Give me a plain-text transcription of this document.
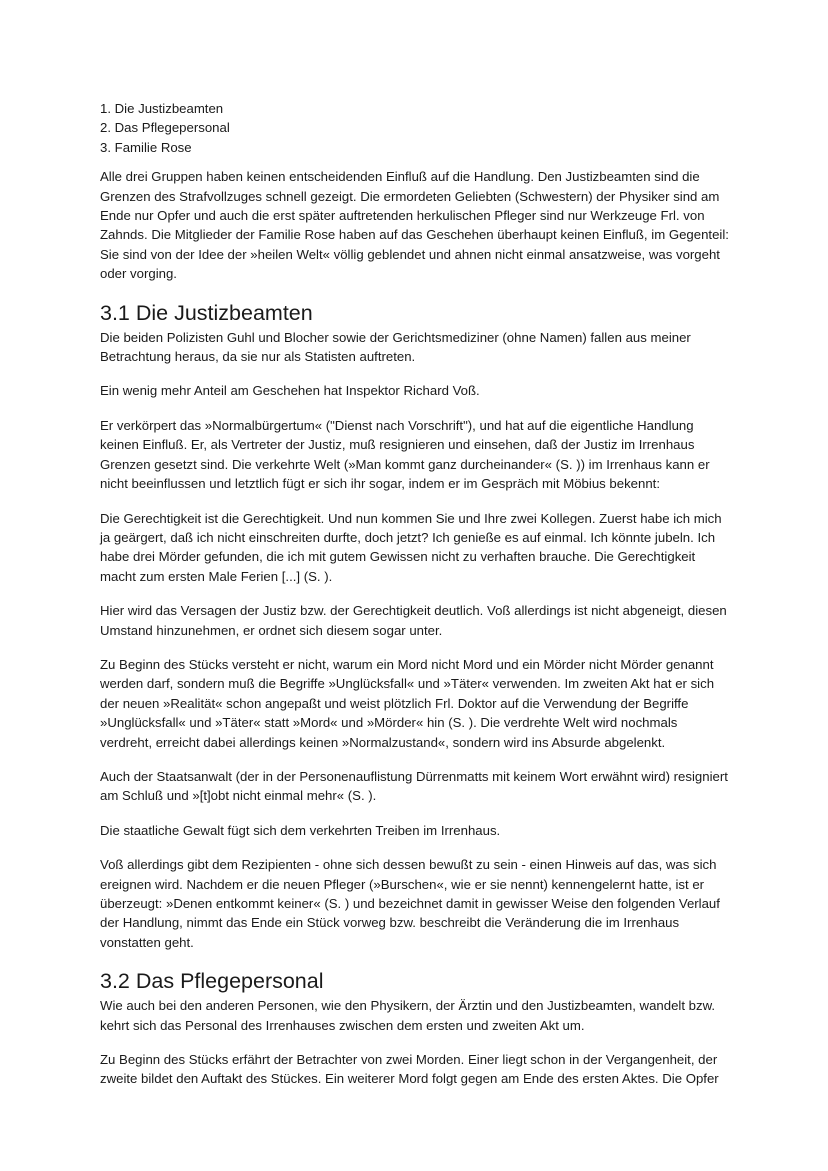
1. Die Justizbeamten
2. Das Pflegepersonal
3. Familie Rose

Alle drei Gruppen haben keinen entscheidenden Einfluß auf die Handlung. Den Justizbeamten sind die Grenzen des Strafvollzuges schnell gezeigt. Die ermordeten Geliebten (Schwestern) der Physiker sind am Ende nur Opfer und auch die erst später auftretenden herkulischen Pfleger sind nur Werkzeuge Frl. von Zahnds. Die Mitglieder der Familie Rose haben auf das Geschehen überhaupt keinen Einfluß, im Gegenteil: Sie sind von der Idee der »heilen Welt« völlig geblendet und ahnen nicht einmal ansatzweise, was vorgeht oder vorging.

3.1 Die Justizbeamten

Die beiden Polizisten Guhl und Blocher sowie der Gerichtsmediziner (ohne Namen) fallen aus meiner Betrachtung heraus, da sie nur als Statisten auftreten.

Ein wenig mehr Anteil am Geschehen hat Inspektor Richard Voß.

Er verkörpert das »Normalbürgertum« ("Dienst nach Vorschrift"), und hat auf die eigentliche Handlung keinen Einfluß. Er, als Vertreter der Justiz, muß resignieren und einsehen, daß der Justiz im Irrenhaus Grenzen gesetzt sind. Die verkehrte Welt (»Man kommt ganz durcheinander« (S. )) im Irrenhaus kann er nicht beeinflussen und letztlich fügt er sich ihr sogar, indem er im Gespräch mit Möbius bekennt:

Die Gerechtigkeit ist die Gerechtigkeit. Und nun kommen Sie und Ihre zwei Kollegen. Zuerst habe ich mich ja geärgert, daß ich nicht einschreiten durfte, doch jetzt? Ich genieße es auf einmal. Ich könnte jubeln. Ich habe drei Mörder gefunden, die ich mit gutem Gewissen nicht zu verhaften brauche. Die Gerechtigkeit macht zum ersten Male Ferien [...] (S. ).

Hier wird das Versagen der Justiz bzw. der Gerechtigkeit deutlich. Voß allerdings ist nicht abgeneigt, diesen Umstand hinzunehmen, er ordnet sich diesem sogar unter.

Zu Beginn des Stücks versteht er nicht, warum ein Mord nicht Mord und ein Mörder nicht Mörder genannt werden darf, sondern muß die Begriffe »Unglücksfall« und »Täter« verwenden. Im zweiten Akt hat er sich der neuen »Realität« schon angepaßt und weist plötzlich Frl. Doktor auf die Verwendung der Begriffe »Unglücksfall« und »Täter« statt »Mord« und »Mörder« hin (S. ). Die verdrehte Welt wird nochmals verdreht, erreicht dabei allerdings keinen »Normalzustand«, sondern wird ins Absurde abgelenkt.

Auch der Staatsanwalt (der in der Personenauflistung Dürrenmatts mit keinem Wort erwähnt wird) resigniert am Schluß und »[t]obt nicht einmal mehr« (S. ).

Die staatliche Gewalt fügt sich dem verkehrten Treiben im Irrenhaus.

Voß allerdings gibt dem Rezipienten - ohne sich dessen bewußt zu sein - einen Hinweis auf das, was sich ereignen wird. Nachdem er die neuen Pfleger (»Burschen«, wie er sie nennt) kennengelernt hatte, ist er überzeugt: »Denen entkommt keiner« (S. ) und bezeichnet damit in gewisser Weise den folgenden Verlauf der Handlung, nimmt das Ende ein Stück vorweg bzw. beschreibt die Veränderung die im Irrenhaus vonstatten geht.

3.2 Das Pflegepersonal

Wie auch bei den anderen Personen, wie den Physikern, der Ärztin und den Justizbeamten, wandelt bzw. kehrt sich das Personal des Irrenhauses zwischen dem ersten und zweiten Akt um.

Zu Beginn des Stücks erfährt der Betrachter von zwei Morden. Einer liegt schon in der Vergangenheit, der zweite bildet den Auftakt des Stückes. Ein weiterer Mord folgt gegen am Ende des ersten Aktes. Die Opfer
